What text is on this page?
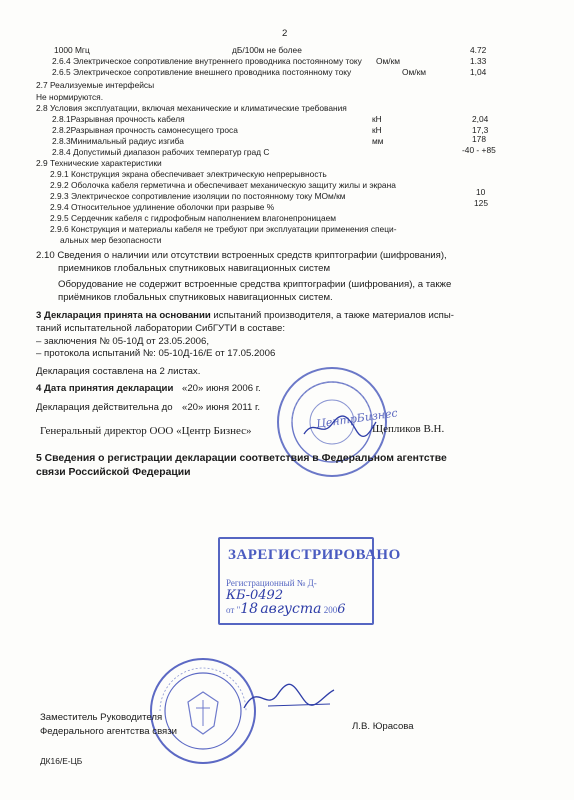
2
1000 Мгц	дБ/100м не более	4.72
2.6.4 Электрическое сопротивление внутреннего проводника постоянному току Ом/км	1.33
2.6.5 Электрическое сопротивление внешнего проводника постоянному току	Ом/км	1,04
2.7 Реализуемые интерфейсы
Не нормируются.
2.8 Условия эксплуатации, включая механические и климатические требования
2.8.1Разрывная прочность кабеля	кН	2,04
2.8.2Разрывная прочность самонесущего троса	кН	17,3
2.8.3Минимальный радиус изгиба	мм	178
2.8.4 Допустимый диапазон рабочих температур град С	-40 - +85
2.9 Технические характеристики
2.9.1 Конструкция экрана обеспечивает электрическую непрерывность
2.9.2 Оболочка кабеля герметична и обеспечивает механическую защиту жилы и экрана
2.9.3 Электрическое сопротивление изоляции по постоянному току МОм/км	10
2.9.4 Относительное удлинение оболочки при разрыве %	125
2.9.5 Сердечник кабеля с гидрофобным наполнением влагонепроницаем
2.9.6 Конструкция и материалы кабеля не требуют при эксплуатации применения специ-
альных мер безопасности
2.10 Сведения о наличии или отсутствии встроенных средств криптографии (шифрования),
приемников глобальных спутниковых навигационных систем
Оборудование не содержит встроенные средства криптографии (шифрования), а также
приёмников глобальных спутниковых навигационных систем.
3 Декларация принята на основании испытаний производителя, а также материалов испы-
таний испытательной лаборатории СибГУТИ в составе:
– заключения № 05-10Д от 23.05.2006,
– протокола испытаний №: 05-10Д-16/Е от 17.05.2006
Декларация составлена на 2 листах.
4 Дата принятия декларации «20» июня 2006 г.
Декларация действительна до «20» июня 2011 г.	ЦентрБизнес
Генеральный директор ООО «Центр Бизнес»	Щепликов В.Н.
5 Сведения о регистрации декларации соответствия в Федеральном агентстве
связи Российской Федерации
ЗАРЕГИСТРИРОВАНО
Регистрационный № Д-КБ-0492
от "18 августа 2006
Заместитель Руководителя
Федерального агентства связи	Л.В. Юрасова
ДК16/Е-ЦБ
